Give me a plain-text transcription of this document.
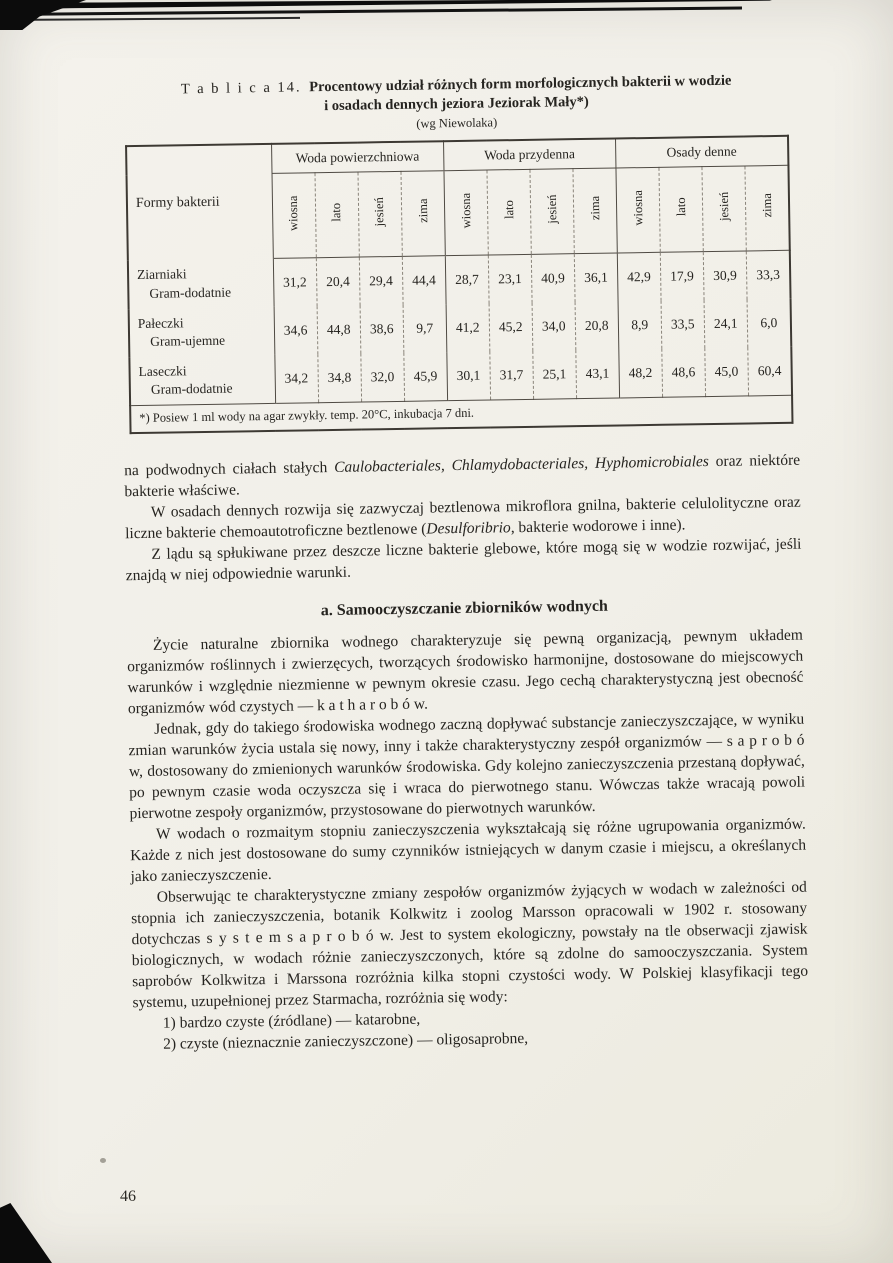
T a b l i c a 14. Procentowy udział różnych form morfologicznych bakterii w wodzie
i osadach dennych jeziora Jeziorak Mały*)
(wg Niewolaka)
Formy bakterii	Woda powierzchniowa				Woda przydenna				Osady denne			
	wiosna	lato	jesień	zima	wiosna	lato	jesień	zima	wiosna	lato	jesień	zima
Ziarniaki
Gram-dodatnie	31,2	20,4	29,4	44,4	28,7	23,1	40,9	36,1	42,9	17,9	30,9	33,3
Pałeczki
Gram-ujemne	34,6	44,8	38,6	9,7	41,2	45,2	34,0	20,8	8,9	33,5	24,1	6,0
Laseczki
Gram-dodatnie	34,2	34,8	32,0	45,9	30,1	31,7	25,1	43,1	48,2	48,6	45,0	60,4
*) Posiew 1 ml wody na agar zwykły. temp. 20°C, inkubacja 7 dni.												

na podwodnych ciałach stałych Caulobacteriales, Chlamydobacteriales, Hyphomicrobiales oraz niektóre bakterie właściwe.

W osadach dennych rozwija się zazwyczaj beztlenowa mikroflora gnilna, bakterie celulolityczne oraz liczne bakterie chemoautotroficzne beztlenowe (Desulforibrio, bakterie wodorowe i inne).

Z lądu są spłukiwane przez deszcze liczne bakterie glebowe, które mogą się w wodzie rozwijać, jeśli znajdą w niej odpowiednie warunki.

a. Samooczyszczanie zbiorników wodnych

Życie naturalne zbiornika wodnego charakteryzuje się pewną organizacją, pewnym układem organizmów roślinnych i zwierzęcych, tworzących środowisko harmonijne, dostosowane do miejscowych warunków i względnie niezmienne w pewnym okresie czasu. Jego cechą charakterystyczną jest obecność organizmów wód czystych — k a t h a r o b ó w.

Jednak, gdy do takiego środowiska wodnego zaczną dopływać substancje zanieczyszczające, w wyniku zmian warunków życia ustala się nowy, inny i także charakterystyczny zespół organizmów — s a p r o b ó w, dostosowany do zmienionych warunków środowiska. Gdy kolejno zanieczyszczenia przestaną dopływać, po pewnym czasie woda oczyszcza się i wraca do pierwotnego stanu. Wówczas także wracają powoli pierwotne zespoły organizmów, przystosowane do pierwotnych warunków.

W wodach o rozmaitym stopniu zanieczyszczenia wykształcają się różne ugrupowania organizmów. Każde z nich jest dostosowane do sumy czynników istniejących w danym czasie i miejscu, a określanych jako zanieczyszczenie.

Obserwując te charakterystyczne zmiany zespołów organizmów żyjących w wodach w zależności od stopnia ich zanieczyszczenia, botanik Kolkwitz i zoolog Marsson opracowali w 1902 r. stosowany dotychczas s y s t e m s a p r o b ó w. Jest to system ekologiczny, powstały na tle obserwacji zjawisk biologicznych, w wodach różnie zanieczyszczonych, które są zdolne do samooczyszczania. System saprobów Kolkwitza i Marssona rozróżnia kilka stopni czystości wody. W Polskiej klasyfikacji tego systemu, uzupełnionej przez Starmacha, rozróżnia się wody:

1) bardzo czyste (źródlane) — katarobne,

2) czyste (nieznacznie zanieczyszczone) — oligosaprobne,

46
